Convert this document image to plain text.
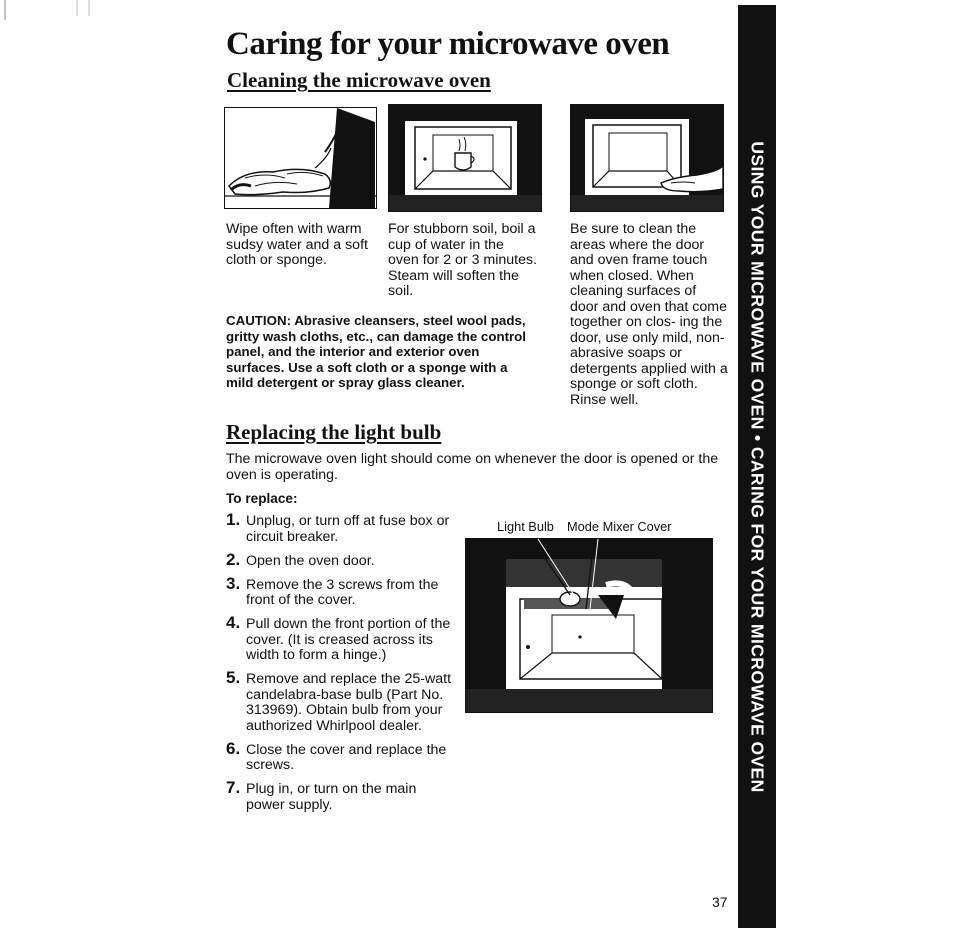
Caring for your microwave oven
Cleaning the microwave oven

Wipe often with warm sudsy water and a soft cloth or sponge.

For stubborn soil, boil a cup of water in the oven for 2 or 3 minutes. Steam will soften the soil.

Be sure to clean the areas where the door and oven frame touch when closed. When cleaning surfaces of door and oven that come together on clos- ing the door, use only mild, non-abrasive soaps or detergents applied with a sponge or soft cloth. Rinse well.

CAUTION: Abrasive cleansers, steel wool pads, gritty wash cloths, etc., can damage the control panel, and the interior and exterior oven surfaces. Use a soft cloth or a sponge with a mild detergent or spray glass cleaner.

Replacing the light bulb

The microwave oven light should come on whenever the door is opened or the oven is operating.

To replace:
1. Unplug, or turn off at fuse box or circuit breaker.
2. Open the oven door.
3. Remove the 3 screws from the front of the cover.
4. Pull down the front portion of the cover. (It is creased across its width to form a hinge.)
5. Remove and replace the 25-watt candelabra-base bulb (Part No. 313969). Obtain bulb from your authorized Whirlpool dealer.
6. Close the cover and replace the screws.
7. Plug in, or turn on the main power supply.
Light Bulb Mode Mixer Cover	USING YOUR MICROWAVE OVEN • CARING FOR YOUR MICROWAVE OVEN
37
